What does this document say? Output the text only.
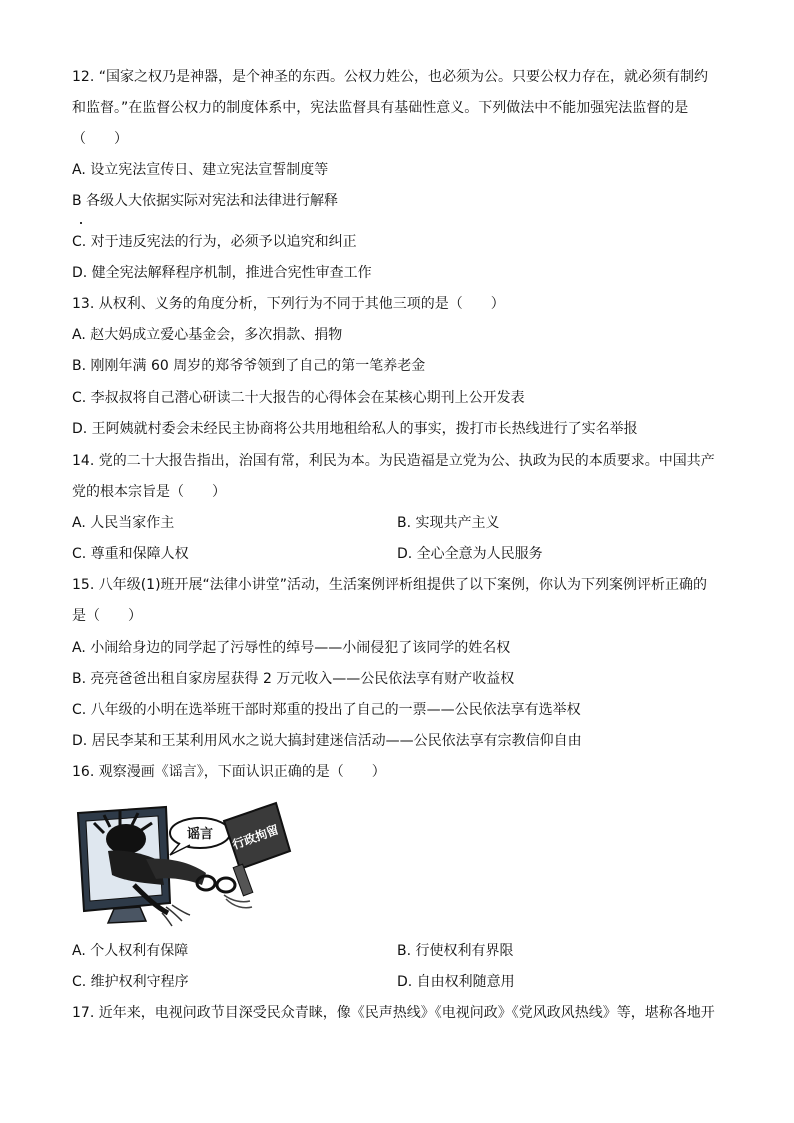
12. “国家之权乃是神器，是个神圣的东西。公权力姓公，也必须为公。只要公权力存在，就必须有制约
和监督。”在监督公权力的制度体系中，宪法监督具有基础性意义。下列做法中不能加强宪法监督的是
（　　）
A. 设立宪法宣传日、建立宪法宣誓制度等
B 各级人大依据实际对宪法和法律进行解释
C. 对于违反宪法的行为，必须予以追究和纠正
D. 健全宪法解释程序机制，推进合宪性审查工作
13. 从权利、义务的角度分析，下列行为不同于其他三项的是（　　）
A. 赵大妈成立爱心基金会，多次捐款、捐物
B. 刚刚年满 60 周岁的郑爷爷领到了自己的第一笔养老金
C. 李叔叔将自己潜心研读二十大报告的心得体会在某核心期刊上公开发表
D. 王阿姨就村委会未经民主协商将公共用地租给私人的事实，拨打市长热线进行了实名举报
14. 党的二十大报告指出，治国有常，利民为本。为民造福是立党为公、执政为民的本质要求。中国共产
党的根本宗旨是（　　）
A. 人民当家作主	B. 实现共产主义
C. 尊重和保障人权	D. 全心全意为人民服务
15. 八年级(1)班开展“法律小讲堂”活动，生活案例评析组提供了以下案例，你认为下列案例评析正确的
是（　　）
A. 小闹给身边的同学起了污辱性的绰号——小闹侵犯了该同学的姓名权
B. 亮亮爸爸出租自家房屋获得 2 万元收入——公民依法享有财产收益权
C. 八年级的小明在选举班干部时郑重的投出了自己的一票——公民依法享有选举权
D. 居民李某和王某利用风水之说大搞封建迷信活动——公民依法享有宗教信仰自由
16. 观察漫画《谣言》，下面认识正确的是（　　）
谣言 行政拘留
A. 个人权利有保障	B. 行使权利有界限
C. 维护权利守程序	D. 自由权利随意用
17. 近年来，电视问政节目深受民众青睐，像《民声热线》《电视问政》《党风政风热线》等，堪称各地开
